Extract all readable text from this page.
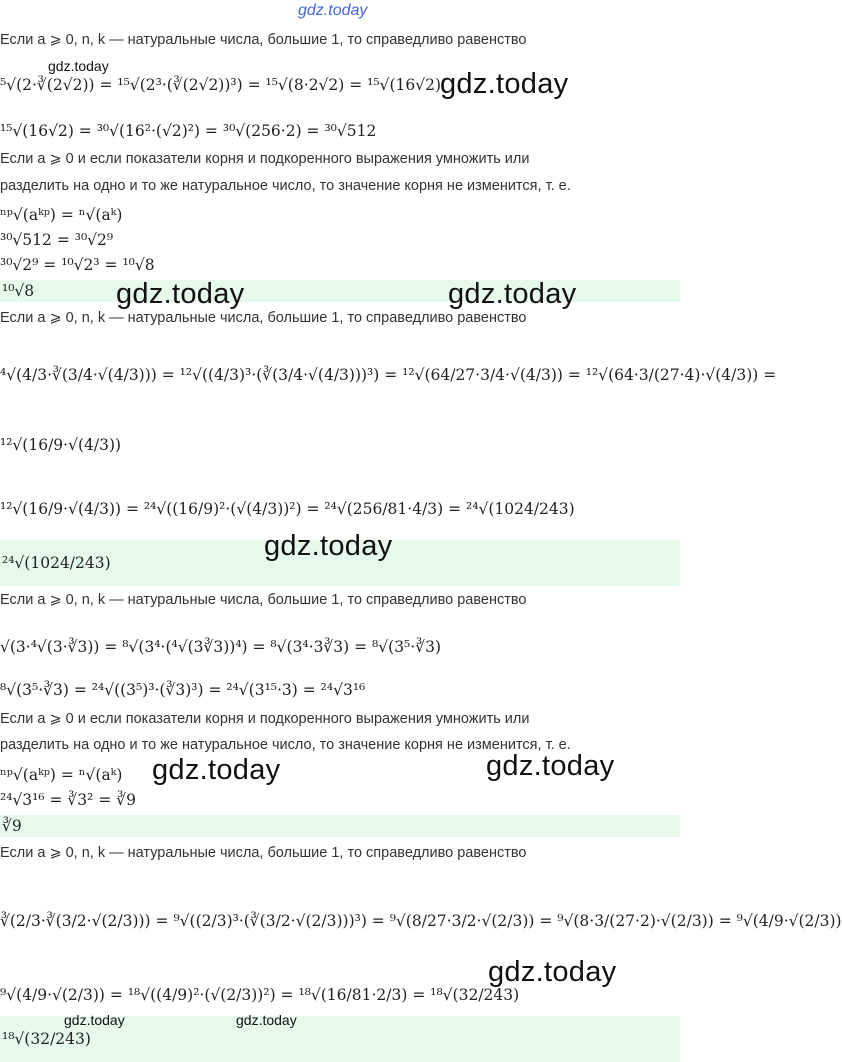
gdz.today
Если a ⩾ 0, n, k — натуральные числа, большие 1, то справедливо равенство
⁵√(2·∛(2√2)) = ¹⁵√(2³·(∛(2√2))³) = ¹⁵√(8·2√2) = ¹⁵√(16√2)
¹⁵√(16√2) = ³⁰√(16²·(√2)²) = ³⁰√(256·2) = ³⁰√512
Если a ⩾ 0 и если показатели корня и подкоренного выражения умножить или
разделить на одно и то же натуральное число, то значение корня не изменится, т. е.
ⁿᵖ√(aᵏᵖ) = ⁿ√(aᵏ)
³⁰√512 = ³⁰√2⁹
³⁰√2⁹ = ¹⁰√2³ = ¹⁰√8
¹⁰√8
gdz.today
gdz.today
gdz.today	gdz.today
Если a ⩾ 0, n, k — натуральные числа, большие 1, то справедливо равенство
⁴√(4/3·∛(3/4·√(4/3))) = ¹²√((4/3)³·(∛(3/4·√(4/3)))³) = ¹²√(64/27·3/4·√(4/3)) = ¹²√(64·3/(27·4)·√(4/3)) =
¹²√(16/9·√(4/3))
¹²√(16/9·√(4/3)) = ²⁴√((16/9)²·(√(4/3))²) = ²⁴√(256/81·4/3) = ²⁴√(1024/243)
²⁴√(1024/243)
gdz.today
Если a ⩾ 0, n, k — натуральные числа, большие 1, то справедливо равенство
√(3·⁴√(3·∛3)) = ⁸√(3⁴·(⁴√(3∛3))⁴) = ⁸√(3⁴·3∛3) = ⁸√(3⁵·∛3)
⁸√(3⁵·∛3) = ²⁴√((3⁵)³·(∛3)³) = ²⁴√(3¹⁵·3) = ²⁴√3¹⁶
Если a ⩾ 0 и если показатели корня и подкоренного выражения умножить или
разделить на одно и то же натуральное число, то значение корня не изменится, т. е.
ⁿᵖ√(aᵏᵖ) = ⁿ√(aᵏ)
²⁴√3¹⁶ = ∛3² = ∛9
∛9
gdz.today	gdz.today
Если a ⩾ 0, n, k — натуральные числа, большие 1, то справедливо равенство
∛(2/3·∛(3/2·√(2/3))) = ⁹√((2/3)³·(∛(3/2·√(2/3)))³) = ⁹√(8/27·3/2·√(2/3)) = ⁹√(8·3/(27·2)·√(2/3)) = ⁹√(4/9·√(2/3))
⁹√(4/9·√(2/3)) = ¹⁸√((4/9)²·(√(2/3))²) = ¹⁸√(16/81·2/3) = ¹⁸√(32/243)
¹⁸√(32/243)
gdz.today
gdz.today	gdz.today
